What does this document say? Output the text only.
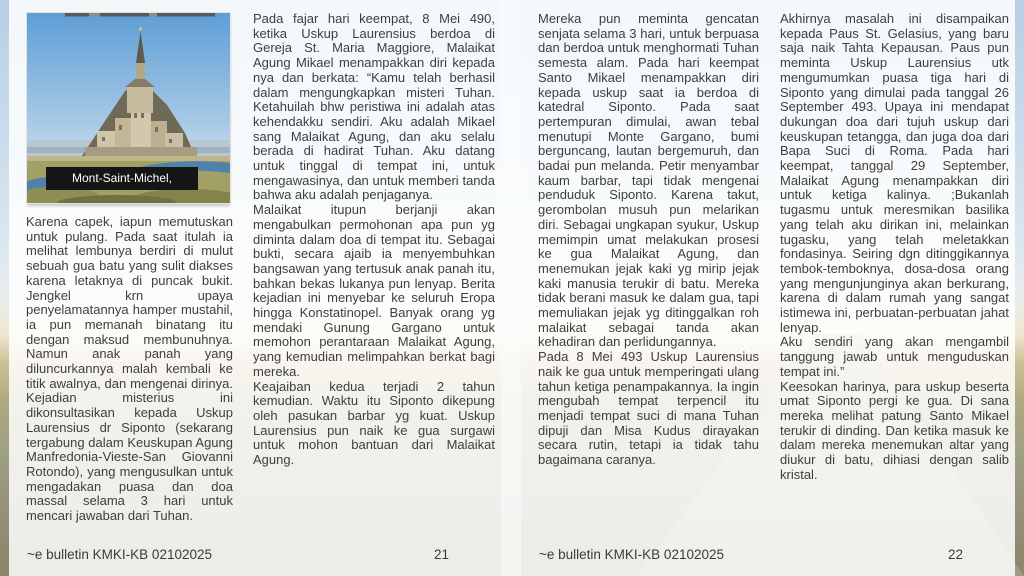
Mont-Saint-Michel,

Karena capek, iapun memutuskan untuk pulang. Pada saat itulah ia melihat lembunya berdiri di mulut sebuah gua batu yang sulit diakses karena letaknya di puncak bukit. Jengkel krn upaya penyelamatannya hamper mustahil, ia pun memanah binatang itu dengan maksud membunuhnya. Namun anak panah yang diluncurkannya malah kembali ke titik awalnya, dan mengenai dirinya. Kejadian misterius ini dikonsultasikan kepada Uskup Laurensius dr Siponto (sekarang tergabung dalam Keuskupan Agung Manfredonia-Vieste-San Giovanni Rotondo), yang mengusulkan untuk mengadakan puasa dan doa massal selama 3 hari untuk mencari jawaban dari Tuhan.

Pada fajar hari keempat, 8 Mei 490, ketika Uskup Laurensius berdoa di Gereja St. Maria Maggiore, Malaikat Agung Mikael menampakkan diri kepada nya dan berkata: “Kamu telah berhasil dalam mengungkapkan misteri Tuhan. Ketahuilah bhw peristiwa ini adalah atas kehendakku sendiri. Aku adalah Mikael sang Malaikat Agung, dan aku selalu berada di hadirat Tuhan. Aku datang untuk tinggal di tempat ini, untuk mengawasinya, dan untuk memberi tanda bahwa aku adalah penjaganya.

Malaikat itupun berjanji akan mengabulkan permohonan apa pun yg diminta dalam doa di tempat itu. Sebagai bukti, secara ajaib ia menyembuhkan bangsawan yang tertusuk anak panah itu, bahkan bekas lukanya pun lenyap. Berita kejadian ini menyebar ke seluruh Eropa hingga Konstatinopel. Banyak orang yg mendaki Gunung Gargano untuk memohon perantaraan Malaikat Agung, yang kemudian melimpahkan berkat bagi mereka.

Keajaiban kedua terjadi 2 tahun kemudian. Waktu itu Siponto dikepung oleh pasukan barbar yg kuat. Uskup Laurensius pun naik ke gua surgawi untuk mohon bantuan dari Malaikat Agung.

~e bulletin KMKI-KB 02102025	21

Mereka pun meminta gencatan senjata selama 3 hari, untuk berpuasa dan berdoa untuk menghormati Tuhan semesta alam. Pada hari keempat Santo Mikael menampakkan diri kepada uskup saat ia berdoa di katedral Siponto. Pada saat pertempuran dimulai, awan tebal menutupi Monte Gargano, bumi berguncang, lautan bergemuruh, dan badai pun melanda. Petir menyambar kaum barbar, tapi tidak mengenai penduduk Siponto. Karena takut, gerombolan musuh pun melarikan diri. Sebagai ungkapan syukur, Uskup memimpin umat melakukan prosesi ke gua Malaikat Agung, dan menemukan jejak kaki yg mirip jejak kaki manusia terukir di batu. Mereka tidak berani masuk ke dalam gua, tapi memuliakan jejak yg ditinggalkan roh malaikat sebagai tanda akan kehadiran dan perlidungannya.

Pada 8 Mei 493 Uskup Laurensius naik ke gua untuk memperingati ulang tahun ketiga penampakannya. Ia ingin mengubah tempat terpencil itu menjadi tempat suci di mana Tuhan dipuji dan Misa Kudus dirayakan secara rutin, tetapi ia tidak tahu bagaimana caranya.

Akhirnya masalah ini disampaikan kepada Paus St. Gelasius, yang baru saja naik Tahta Kepausan. Paus pun meminta Uskup Laurensius utk mengumumkan puasa tiga hari di Siponto yang dimulai pada tanggal 26 September 493. Upaya ini mendapat dukungan doa dari tujuh uskup dari keuskupan tetangga, dan juga doa dari Bapa Suci di Roma. Pada hari keempat, tanggal 29 September, Malaikat Agung menampakkan diri untuk ketiga kalinya. ;Bukanlah tugasmu untuk meresmikan basilika yang telah aku dirikan ini, melainkan tugasku, yang telah meletakkan fondasinya. Seiring dgn ditinggikannya tembok-temboknya, dosa-dosa orang yang mengunjunginya akan berkurang, karena di dalam rumah yang sangat istimewa ini, perbuatan-perbuatan jahat lenyap.

Aku sendiri yang akan mengambil tanggung jawab untuk menguduskan tempat ini.”

Keesokan harinya, para uskup beserta umat Siponto pergi ke gua. Di sana mereka melihat patung Santo Mikael terukir di dinding. Dan ketika masuk ke dalam mereka menemukan altar yang diukur di batu, dihiasi dengan salib kristal.

~e bulletin KMKI-KB 02102025	22
